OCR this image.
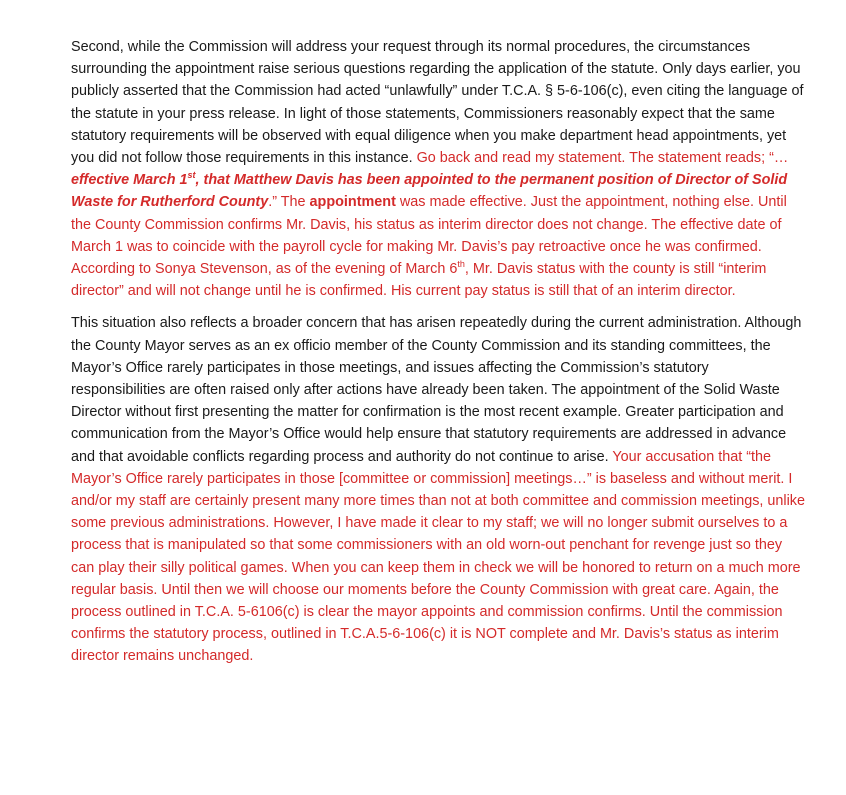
Second, while the Commission will address your request through its normal procedures, the circumstances surrounding the appointment raise serious questions regarding the application of the statute. Only days earlier, you publicly asserted that the Commission had acted “unlawfully” under T.C.A. § 5-6-106(c), even citing the language of the statute in your press release. In light of those statements, Commissioners reasonably expect that the same statutory requirements will be observed with equal diligence when you make department head appointments, yet you did not follow those requirements in this instance. Go back and read my statement. The statement reads; “…effective March 1st, that Matthew Davis has been appointed to the permanent position of Director of Solid Waste for Rutherford County.” The appointment was made effective. Just the appointment, nothing else. Until the County Commission confirms Mr. Davis, his status as interim director does not change. The effective date of March 1 was to coincide with the payroll cycle for making Mr. Davis’s pay retroactive once he was confirmed. According to Sonya Stevenson, as of the evening of March 6th, Mr. Davis status with the county is still “interim director” and will not change until he is confirmed. His current pay status is still that of an interim director.

This situation also reflects a broader concern that has arisen repeatedly during the current administration. Although the County Mayor serves as an ex officio member of the County Commission and its standing committees, the Mayor’s Office rarely participates in those meetings, and issues affecting the Commission’s statutory responsibilities are often raised only after actions have already been taken. The appointment of the Solid Waste Director without first presenting the matter for confirmation is the most recent example. Greater participation and communication from the Mayor’s Office would help ensure that statutory requirements are addressed in advance and that avoidable conflicts regarding process and authority do not continue to arise. Your accusation that “the Mayor’s Office rarely participates in those [committee or commission] meetings…” is baseless and without merit. I and/or my staff are certainly present many more times than not at both committee and commission meetings, unlike some previous administrations. However, I have made it clear to my staff; we will no longer submit ourselves to a process that is manipulated so that some commissioners with an old worn-out penchant for revenge just so they can play their silly political games. When you can keep them in check we will be honored to return on a much more regular basis. Until then we will choose our moments before the County Commission with great care. Again, the process outlined in T.C.A. 5-6106(c) is clear the mayor appoints and commission confirms. Until the commission confirms the statutory process, outlined in T.C.A.5-6-106(c) it is NOT complete and Mr. Davis’s status as interim director remains unchanged.
